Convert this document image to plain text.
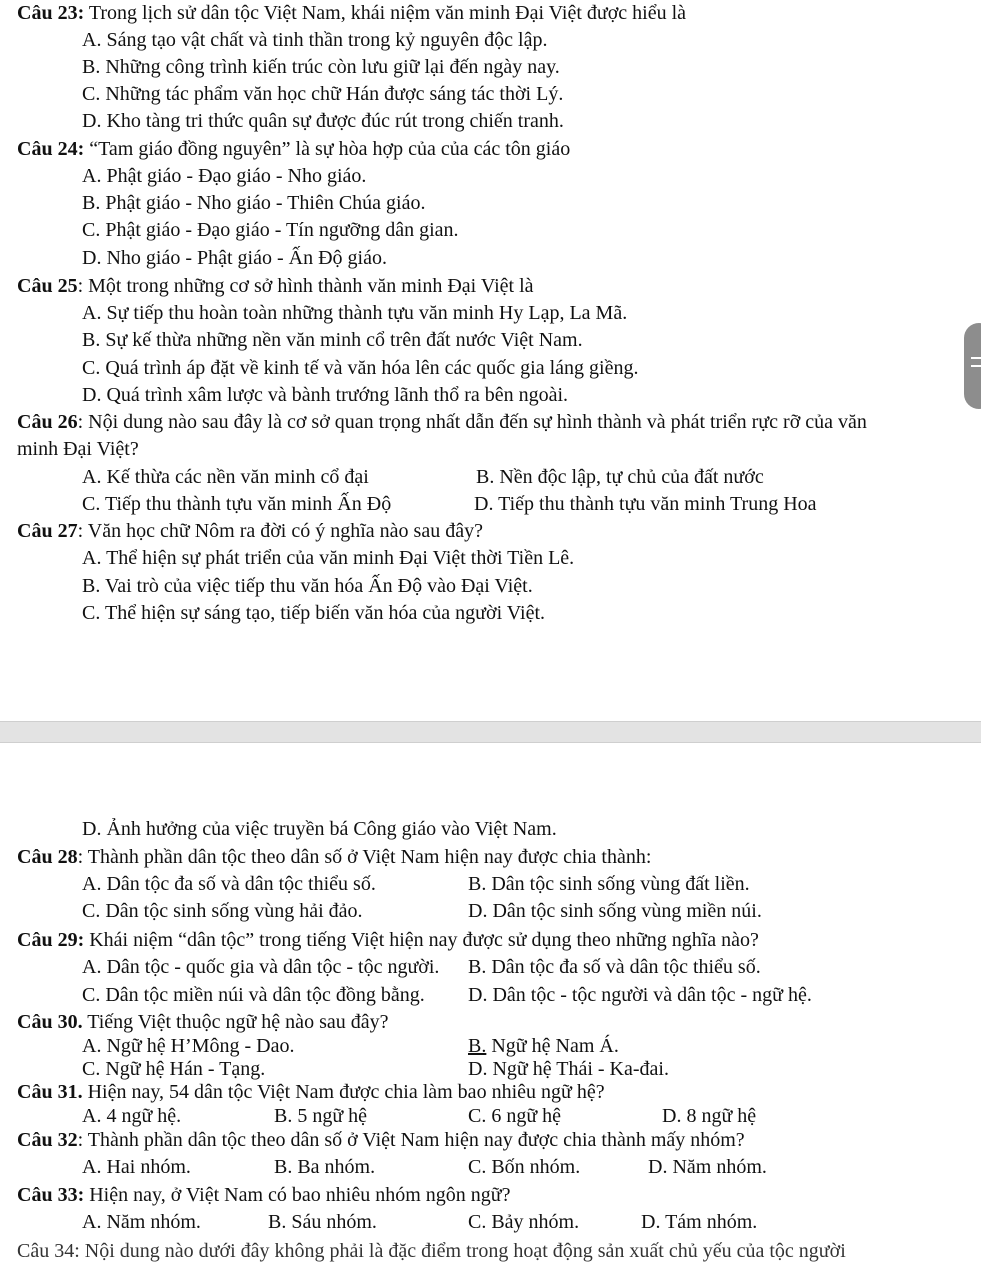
Câu 23: Trong lịch sử dân tộc Việt Nam, khái niệm văn minh Đại Việt được hiểu là
A. Sáng tạo vật chất và tinh thần trong kỷ nguyên độc lập.
B. Những công trình kiến trúc còn lưu giữ lại đến ngày nay.
C. Những tác phẩm văn học chữ Hán được sáng tác thời Lý.
D. Kho tàng tri thức quân sự được đúc rút trong chiến tranh.
Câu 24: “Tam giáo đồng nguyên” là sự hòa hợp của của các tôn giáo
A. Phật giáo - Đạo giáo - Nho giáo.
B. Phật giáo - Nho giáo - Thiên Chúa giáo.
C. Phật giáo - Đạo giáo - Tín ngưỡng dân gian.
D. Nho giáo - Phật giáo - Ấn Độ giáo.
Câu 25: Một trong những cơ sở hình thành văn minh Đại Việt là
A. Sự tiếp thu hoàn toàn những thành tựu văn minh Hy Lạp, La Mã.
B. Sự kế thừa những nền văn minh cổ trên đất nước Việt Nam.
C. Quá trình áp đặt về kinh tế và văn hóa lên các quốc gia láng giềng.
D. Quá trình xâm lược và bành trướng lãnh thổ ra bên ngoài.
Câu 26: Nội dung nào sau đây là cơ sở quan trọng nhất dẫn đến sự hình thành và phát triển rực rỡ của văn
minh Đại Việt?
A. Kế thừa các nền văn minh cổ đại	B. Nền độc lập, tự chủ của đất nước
C. Tiếp thu thành tựu văn minh Ấn Độ	D. Tiếp thu thành tựu văn minh Trung Hoa
Câu 27: Văn học chữ Nôm ra đời có ý nghĩa nào sau đây?
A. Thể hiện sự phát triển của văn minh Đại Việt thời Tiền Lê.
B. Vai trò của việc tiếp thu văn hóa Ấn Độ vào Đại Việt.
C. Thể hiện sự sáng tạo, tiếp biến văn hóa của người Việt.
D. Ảnh hưởng của việc truyền bá Công giáo vào Việt Nam.
Câu 28: Thành phần dân tộc theo dân số ở Việt Nam hiện nay được chia thành:
A. Dân tộc đa số và dân tộc thiểu số.	B. Dân tộc sinh sống vùng đất liền.
C. Dân tộc sinh sống vùng hải đảo.	D. Dân tộc sinh sống vùng miền núi.
Câu 29: Khái niệm “dân tộc” trong tiếng Việt hiện nay được sử dụng theo những nghĩa nào?
A. Dân tộc - quốc gia và dân tộc - tộc người. B. Dân tộc đa số và dân tộc thiểu số.
C. Dân tộc miền núi và dân tộc đồng bằng. D. Dân tộc - tộc người và dân tộc - ngữ hệ.
Câu 30. Tiếng Việt thuộc ngữ hệ nào sau đây?
A. Ngữ hệ H’Mông - Dao.	B. Ngữ hệ Nam Á.
C. Ngữ hệ Hán - Tạng.	D. Ngữ hệ Thái - Ka-đai.
Câu 31. Hiện nay, 54 dân tộc Việt Nam được chia làm bao nhiêu ngữ hệ?
A. 4 ngữ hệ.	B. 5 ngữ hệ	C. 6 ngữ hệ	D. 8 ngữ hệ
Câu 32: Thành phần dân tộc theo dân số ở Việt Nam hiện nay được chia thành mấy nhóm?
A. Hai nhóm.	B. Ba nhóm.	C. Bốn nhóm.	D. Năm nhóm.
Câu 33: Hiện nay, ở Việt Nam có bao nhiêu nhóm ngôn ngữ?
A. Năm nhóm.	B. Sáu nhóm.	C. Bảy nhóm.	D. Tám nhóm.
Câu 34: Nội dung nào dưới đây không phải là đặc điểm trong hoạt động sản xuất chủ yếu của tộc người
